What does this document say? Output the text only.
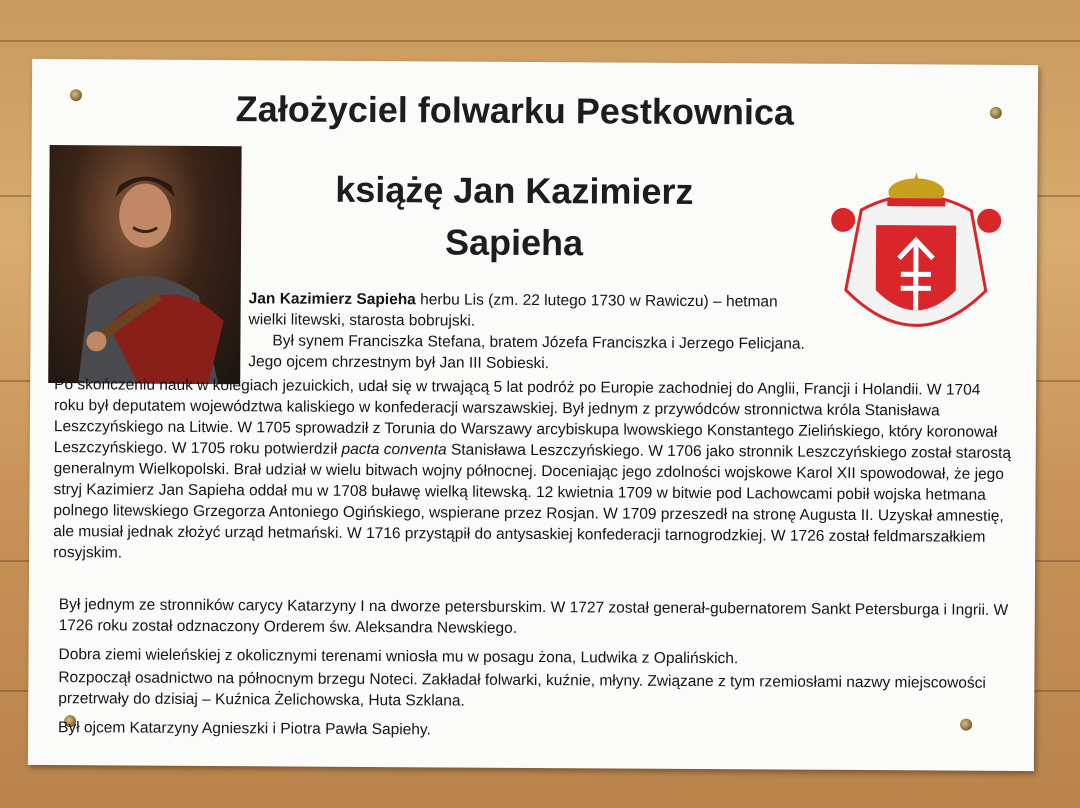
Założyciel folwarku Pestkownica
książę Jan Kazimierz
Sapieha
Jan Kazimierz Sapieha herbu Lis (zm. 22 lutego 1730 w Rawiczu) – hetman wielki litewski, starosta bobrujski.
Był synem Franciszka Stefana, bratem Józefa Franciszka i Jerzego Felicjana. Jego ojcem chrzestnym był Jan III Sobieski.
Po skończeniu nauk w kolegiach jezuickich, udał się w trwającą 5 lat podróż po Europie zachodniej do Anglii, Francji i Holandii. W 1704 roku był deputatem województwa kaliskiego w konfederacji warszawskiej. Był jednym z przywódców stronnictwa króla Stanisława Leszczyńskiego na Litwie. W 1705 sprowadził z Torunia do Warszawy arcybiskupa lwowskiego Konstantego Zielińskiego, który koronował Leszczyńskiego. W 1705 roku potwierdził pacta conventa Stanisława Leszczyńskiego. W 1706 jako stronnik Leszczyńskiego został starostą generalnym Wielkopolski. Brał udział w wielu bitwach wojny północnej. Doceniając jego zdolności wojskowe Karol XII spowodował, że jego stryj Kazimierz Jan Sapieha oddał mu w 1708 buławę wielką litewską. 12 kwietnia 1709 w bitwie pod Lachowcami pobił wojska hetmana polnego litewskiego Grzegorza Antoniego Ogińskiego, wspierane przez Rosjan. W 1709 przeszedł na stronę Augusta II. Uzyskał amnestię, ale musiał jednak złożyć urząd hetmański. W 1716 przystąpił do antysaskiej konfederacji tarnogrodzkiej. W 1726 został feldmarszałkiem rosyjskim.
Był jednym ze stronników carycy Katarzyny I na dworze petersburskim. W 1727 został generał-gubernatorem Sankt Petersburga i Ingrii. W 1726 roku został odznaczony Orderem św. Aleksandra Newskiego.
Dobra ziemi wieleńskiej z okolicznymi terenami wniosła mu w posagu żona, Ludwika z Opalińskich.
Rozpoczął osadnictwo na północnym brzegu Noteci. Zakładał folwarki, kuźnie, młyny. Związane z tym rzemiosłami nazwy miejscowości przetrwały do dzisiaj – Kuźnica Żelichowska, Huta Szklana.
Był ojcem Katarzyny Agnieszki i Piotra Pawła Sapiehy.
